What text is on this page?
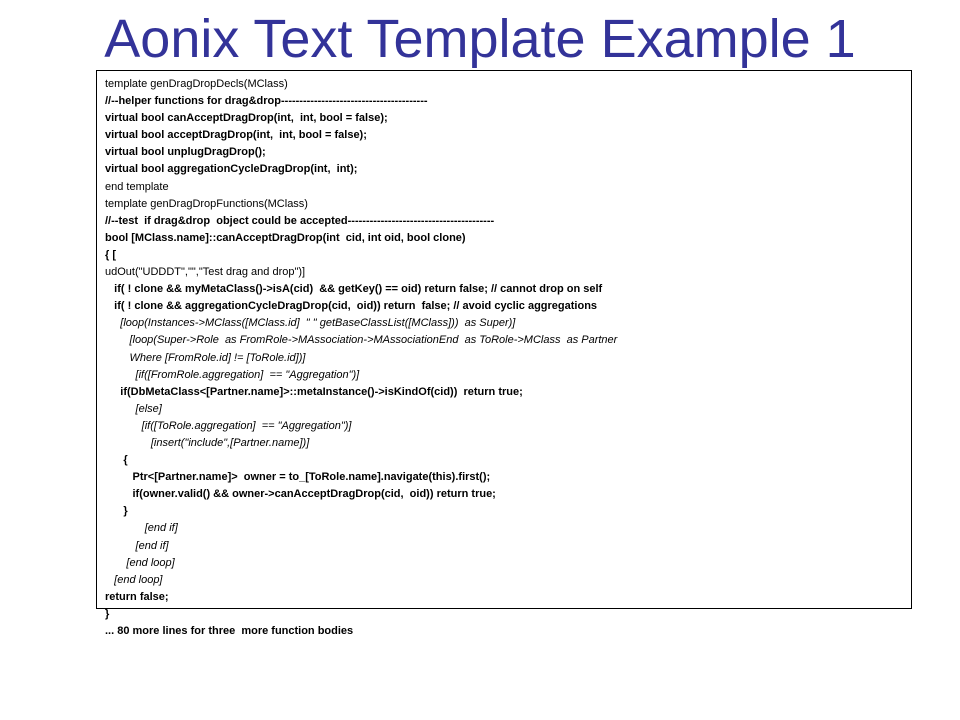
Aonix Text Template Example 1
template genDragDropDecls(MClass)
//--helper functions for drag&drop----------------------------------------
virtual bool canAcceptDragDrop(int,  int, bool = false);
virtual bool acceptDragDrop(int,  int, bool = false);
virtual bool unplugDragDrop();
virtual bool aggregationCycleDragDrop(int,  int);
end template
template genDragDropFunctions(MClass)
//--test  if drag&drop  object could be accepted----------------------------------------
bool [MClass.name]::canAcceptDragDrop(int  cid, int oid, bool clone)
{ [
udOut("UDDDT","","Test drag and drop")]
if( ! clone && myMetaClass()->isA(cid)  && getKey() == oid) return false; // cannot drop on self
if( ! clone && aggregationCycleDragDrop(cid,  oid)) return  false; // avoid cyclic aggregations
[loop(Instances->MClass([MClass.id]  " " getBaseClassList([MClass]))  as Super)]
[loop(Super->Role  as FromRole->MAssociation->MAssociationEnd  as ToRole->MClass  as Partner
Where [FromRole.id] != [ToRole.id])]
[if([FromRole.aggregation]  == "Aggregation")]
if(DbMetaClass<[Partner.name]>::metaInstance()->isKindOf(cid))  return true;
[else]
[if([ToRole.aggregation]  == "Aggregation")]
[insert("include",[Partner.name])]
{
Ptr<[Partner.name]>  owner = to_[ToRole.name].navigate(this).first();
if(owner.valid() && owner->canAcceptDragDrop(cid,  oid)) return true;
}
[end if]
[end if]
[end loop]
[end loop]
return false;
}
... 80 more lines for three  more function bodies
